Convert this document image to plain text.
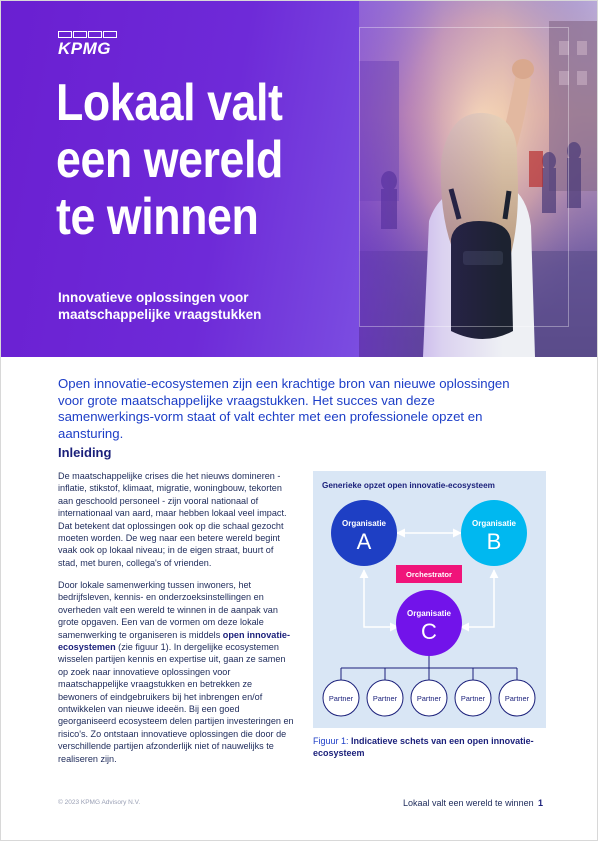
KPMG
Lokaal valt
een wereld
te winnen
Innovatieve oplossingen voor
maatschappelijke vraagstukken

Open innovatie-ecosystemen zijn een krachtige bron van nieuwe oplossingen voor grote maatschappelijke vraagstukken. Het succes van deze samenwerkings-vorm staat of valt echter met een professionele opzet en aansturing.

Inleiding

De maatschappelijke crises die het nieuws domineren - inflatie, stikstof, klimaat, migratie, woningbouw, tekorten aan geschoold personeel - zijn vooral nationaal of internationaal van aard, maar hebben lokaal veel impact. Dat betekent dat oplossingen ook op die schaal gezocht moeten worden. De weg naar een betere wereld begint vaak ook op lokaal niveau; in de eigen straat, buurt of stad, met buren, collega's of vrienden.

Door lokale samenwerking tussen inwoners, het bedrijfsleven, kennis- en onderzoeksinstellingen en overheden valt een wereld te winnen in de aanpak van grote opgaven. Een van de vormen om deze lokale samenwerking te organiseren is middels open innovatie-ecosystemen (zie figuur 1). In dergelijke ecosystemen wisselen partijen kennis en expertise uit, gaan ze samen op zoek naar innovatieve oplossingen voor maatschappelijke vraagstukken en betrekken ze bewoners of eindgebruikers bij het inbrengen en/of ontwikkelen van nieuwe ideeën. Bij een goed georganiseerd ecosysteem delen partijen investeringen en risico's. Zo ontstaan innovatieve oplossingen die door de verschillende partijen afzonderlijk niet of nauwelijks te realiseren zijn.

Generieke opzet open innovatie-ecosysteem
Organisatie
A
Organisatie
B
Orchestrator
Organisatie
C
Partner	Partner	Partner	Partner	Partner

Figuur 1: Indicatieve schets van een open innovatie-ecosysteem

© 2023 KPMG Advisory N.V.	Lokaal valt een wereld te winnen 1
